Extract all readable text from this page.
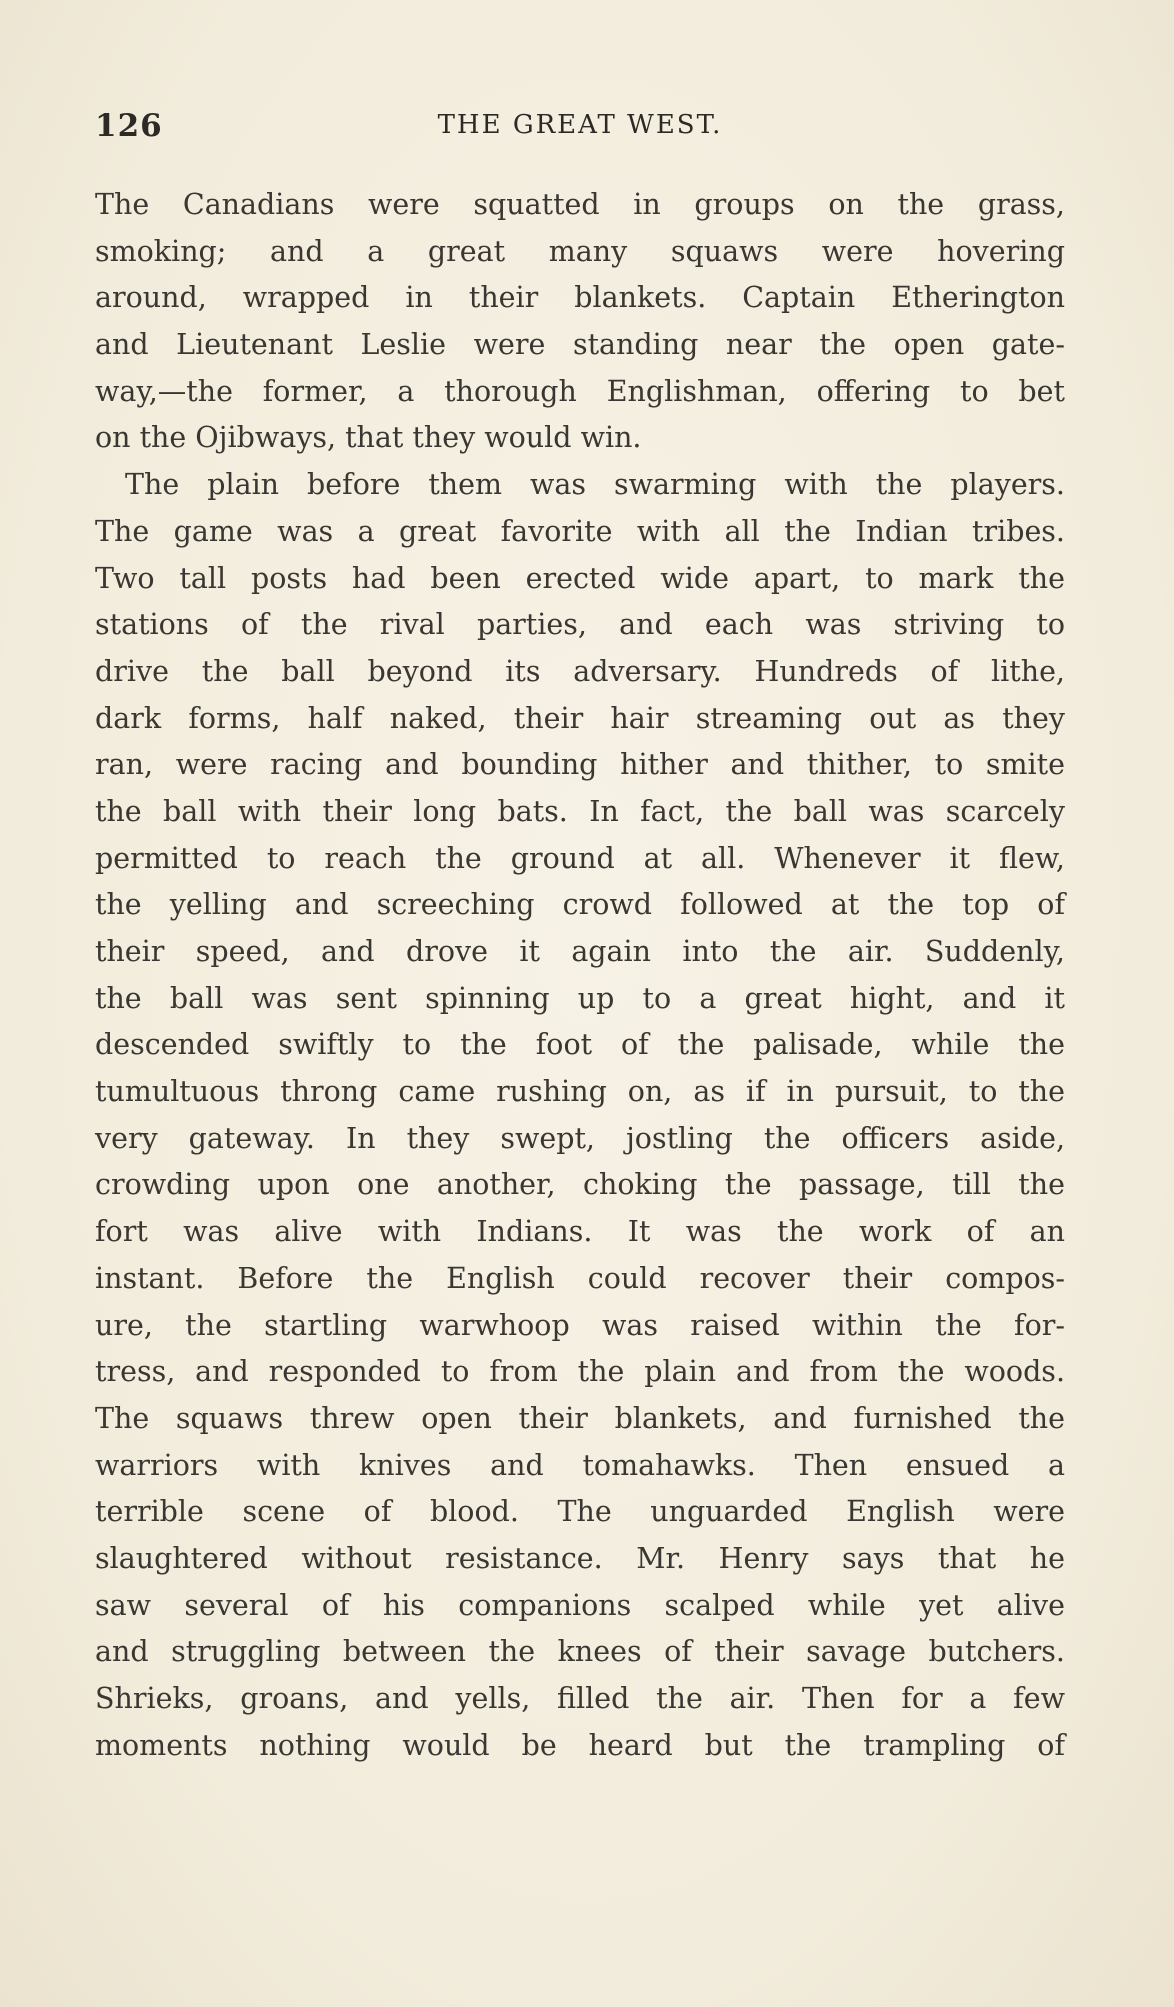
126	THE GREAT WEST.
The Canadians were squatted in groups on the grass,
smoking; and a great many squaws were hovering
around, wrapped in their blankets. Captain Etherington
and Lieutenant Leslie were standing near the open gate-
way,—the former, a thorough Englishman, offering to bet
on the Ojibways, that they would win.
The plain before them was swarming with the players.
The game was a great favorite with all the Indian tribes.
Two tall posts had been erected wide apart, to mark the
stations of the rival parties, and each was striving to
drive the ball beyond its adversary. Hundreds of lithe,
dark forms, half naked, their hair streaming out as they
ran, were racing and bounding hither and thither, to smite
the ball with their long bats. In fact, the ball was scarcely
permitted to reach the ground at all. Whenever it flew,
the yelling and screeching crowd followed at the top of
their speed, and drove it again into the air. Suddenly,
the ball was sent spinning up to a great hight, and it
descended swiftly to the foot of the palisade, while the
tumultuous throng came rushing on, as if in pursuit, to the
very gateway. In they swept, jostling the officers aside,
crowding upon one another, choking the passage, till the
fort was alive with Indians. It was the work of an
instant. Before the English could recover their compos-
ure, the startling warwhoop was raised within the for-
tress, and responded to from the plain and from the woods.
The squaws threw open their blankets, and furnished the
warriors with knives and tomahawks. Then ensued a
terrible scene of blood. The unguarded English were
slaughtered without resistance. Mr. Henry says that he
saw several of his companions scalped while yet alive
and struggling between the knees of their savage butchers.
Shrieks, groans, and yells, filled the air. Then for a few
moments nothing would be heard but the trampling of
